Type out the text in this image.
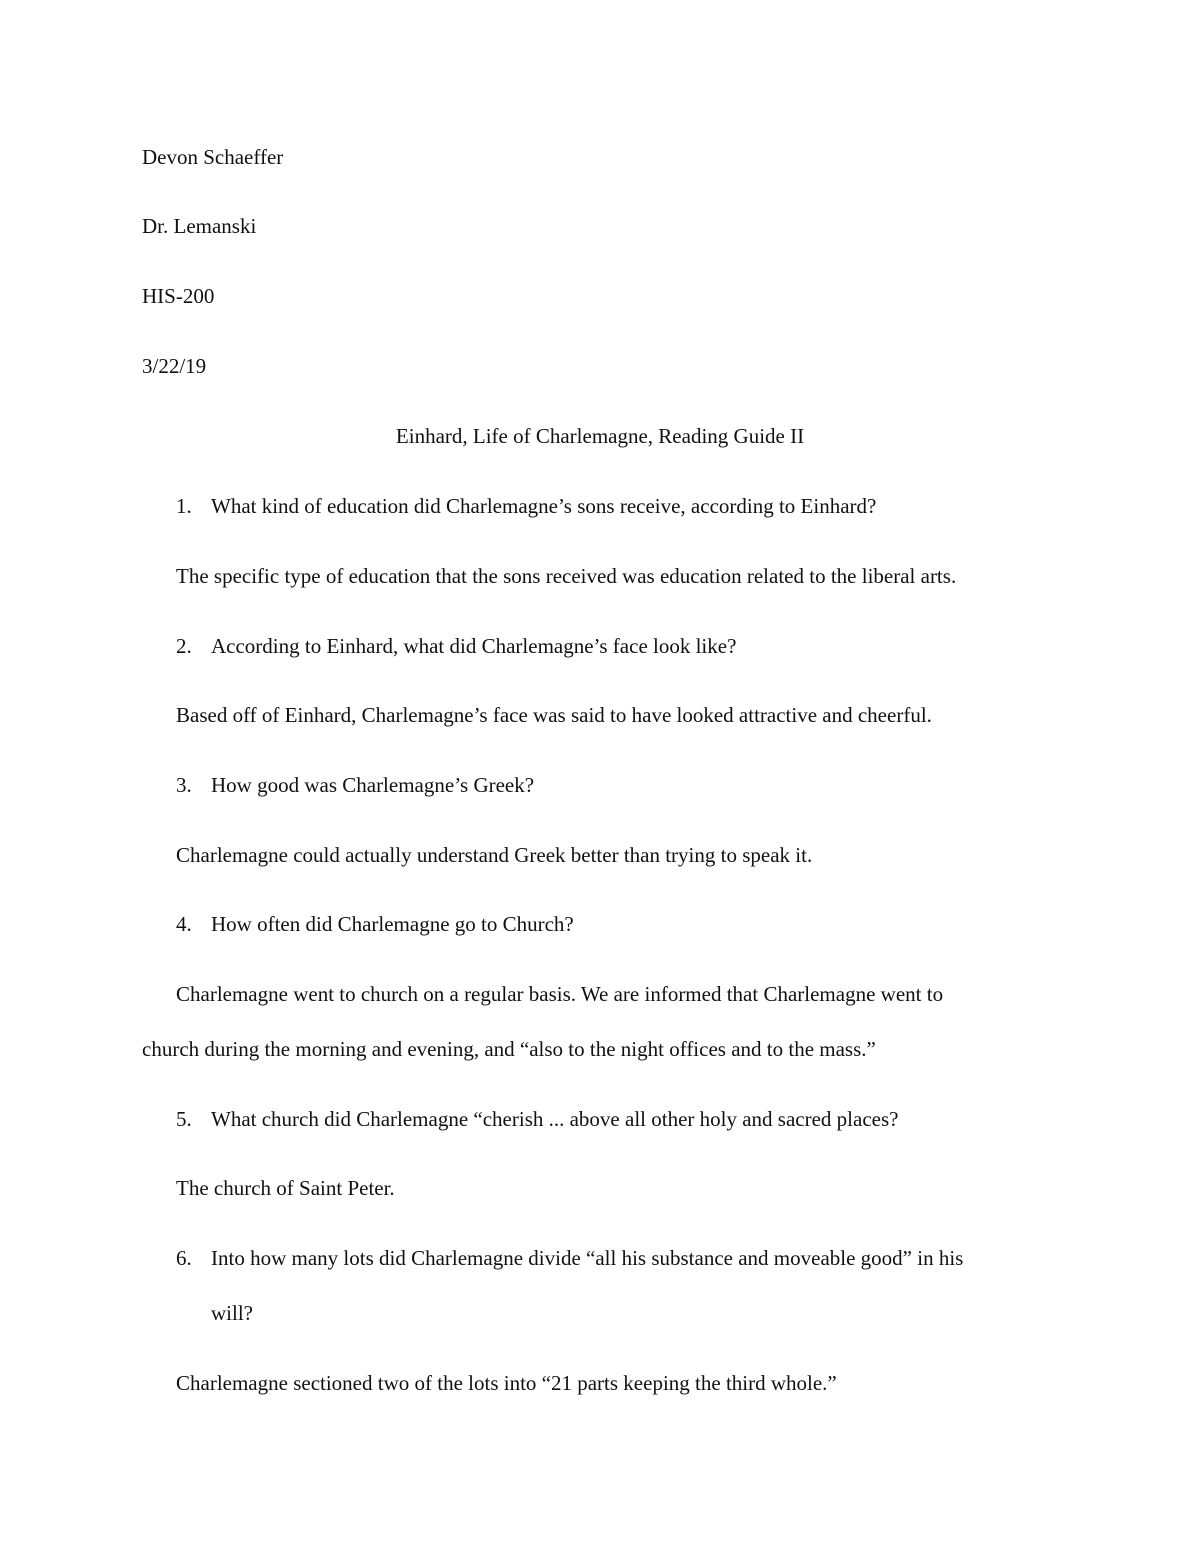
Devon Schaeffer
Dr. Lemanski
HIS-200
3/22/19
Einhard, Life of Charlemagne, Reading Guide II
1. What kind of education did Charlemagne’s sons receive, according to Einhard?
The specific type of education that the sons received was education related to the liberal arts.
2. According to Einhard, what did Charlemagne’s face look like?
Based off of Einhard, Charlemagne’s face was said to have looked attractive and cheerful.
3. How good was Charlemagne’s Greek?
Charlemagne could actually understand Greek better than trying to speak it.
4. How often did Charlemagne go to Church?
Charlemagne went to church on a regular basis. We are informed that Charlemagne went to
church during the morning and evening, and “also to the night offices and to the mass.”
5. What church did Charlemagne “cherish ... above all other holy and sacred places?
The church of Saint Peter.
6. Into how many lots did Charlemagne divide “all his substance and moveable good” in his
will?
Charlemagne sectioned two of the lots into “21 parts keeping the third whole.”
